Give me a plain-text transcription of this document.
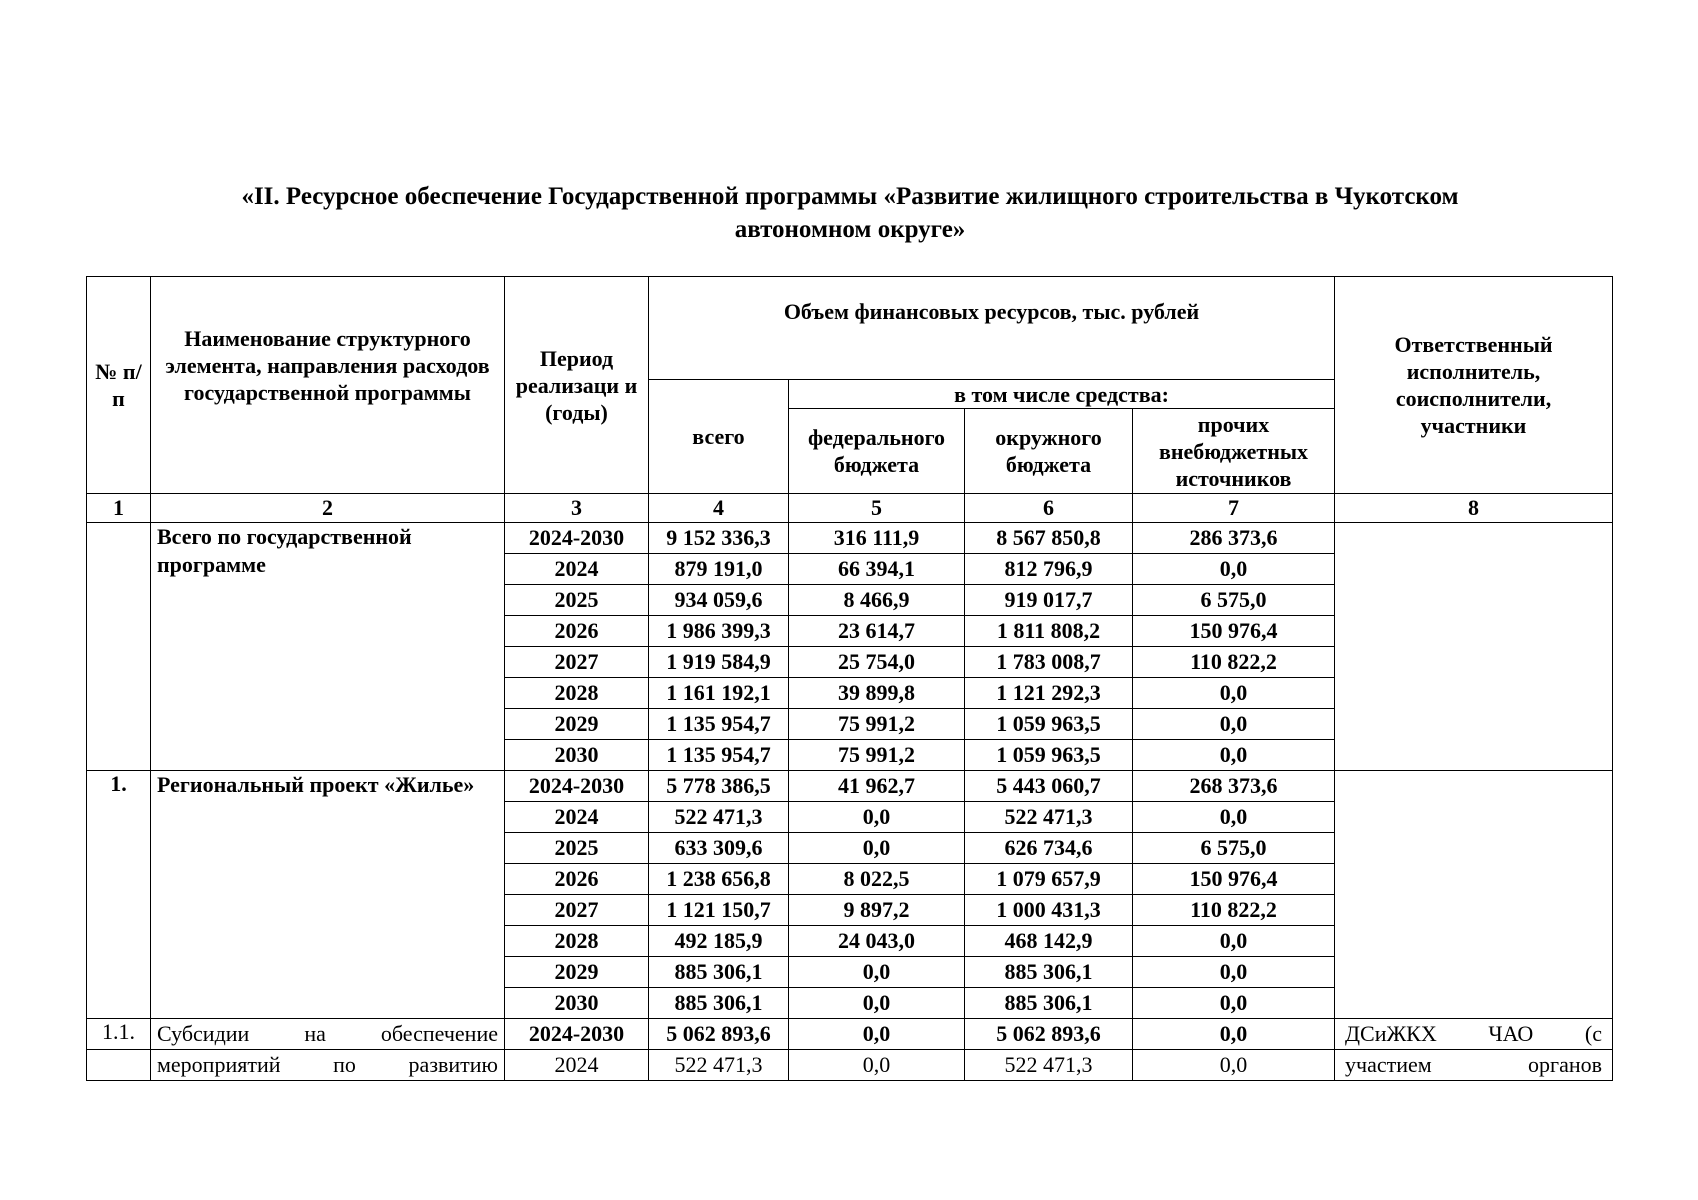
«II. Ресурсное обеспечение Государственной программы «Развитие жилищного строительства в Чукотском
автономном округе»
№ п/п	Наименование структурного элемента, направления расходов государственной программы	Период реализаци и (годы)	Объем финансовых ресурсов, тыс. рублей				Ответственный исполнитель, соисполнители, участники
			всего	в том числе средства:			
				федерального бюджета	окружного бюджета	прочих внебюджетных источников	
1	2	3	4	5	6	7	8
	Всего по государственной программе	2024-2030	9 152 336,3	316 111,9	8 567 850,8	286 373,6	
		2024	879 191,0	66 394,1	812 796,9	0,0	
		2025	934 059,6	8 466,9	919 017,7	6 575,0	
		2026	1 986 399,3	23 614,7	1 811 808,2	150 976,4	
		2027	1 919 584,9	25 754,0	1 783 008,7	110 822,2	
		2028	1 161 192,1	39 899,8	1 121 292,3	0,0	
		2029	1 135 954,7	75 991,2	1 059 963,5	0,0	
		2030	1 135 954,7	75 991,2	1 059 963,5	0,0	
1.	Региональный проект «Жилье»	2024-2030	5 778 386,5	41 962,7	5 443 060,7	268 373,6	
		2024	522 471,3	0,0	522 471,3	0,0	
		2025	633 309,6	0,0	626 734,6	6 575,0	
		2026	1 238 656,8	8 022,5	1 079 657,9	150 976,4	
		2027	1 121 150,7	9 897,2	1 000 431,3	110 822,2	
		2028	492 185,9	24 043,0	468 142,9	0,0	
		2029	885 306,1	0,0	885 306,1	0,0	
		2030	885 306,1	0,0	885 306,1	0,0	
1.1.	Субсидии на обеспечение	2024-2030	5 062 893,6	0,0	5 062 893,6	0,0	ДСиЖКХ ЧАО (с
	мероприятий по развитию	2024	522 471,3	0,0	522 471,3	0,0	участием органов
